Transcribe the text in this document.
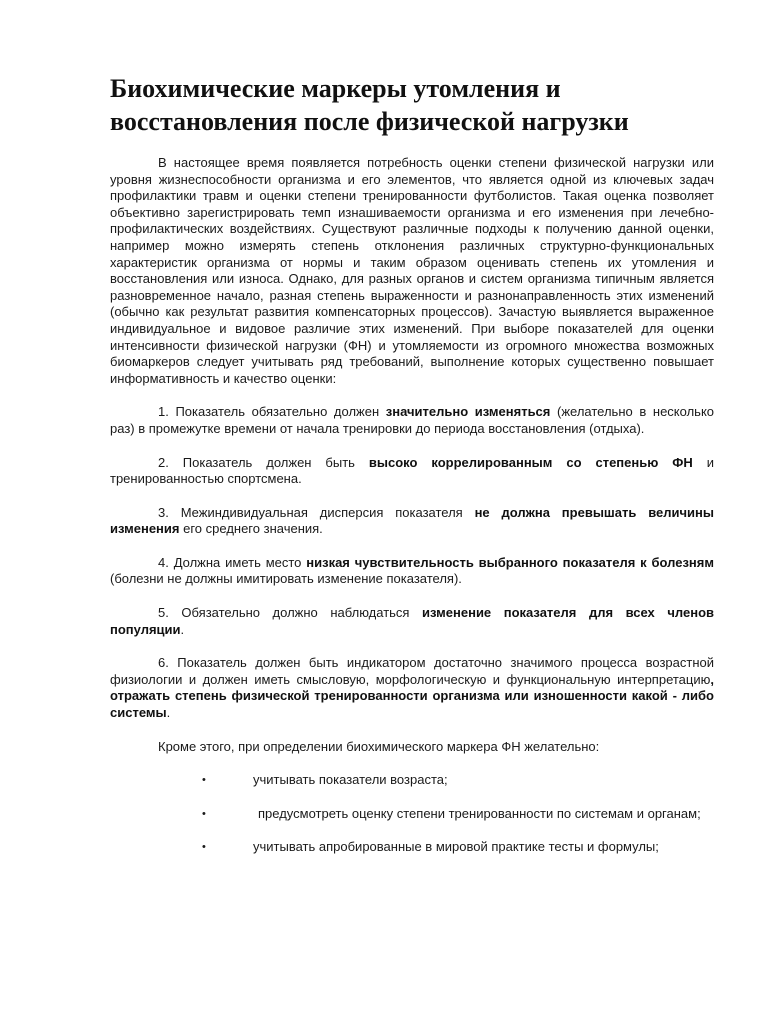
Биохимические маркеры утомления и восстановления после физической нагрузки

В настоящее время появляется потребность оценки степени физической нагрузки или уровня жизнеспособности организма и его элементов, что является одной из ключевых задач профилактики травм и оценки степени тренированности футболистов. Такая оценка позволяет объективно зарегистрировать темп изнашиваемости организма и его изменения при лечебно-профилактических воздействиях. Существуют различные подходы к получению данной оценки, например можно измерять степень отклонения различных структурно-функциональных характеристик организма от нормы и таким образом оценивать степень их утомления и восстановления или износа. Однако, для разных органов и систем организма типичным является разновременное начало, разная степень выраженности и разнонаправленность этих изменений (обычно как результат развития компенсаторных процессов). Зачастую выявляется выраженное индивидуальное и видовое различие этих изменений. При выборе показателей для оценки интенсивности физической нагрузки (ФН) и утомляемости из огромного множества возможных биомаркеров следует учитывать ряд требований, выполнение которых существенно повышает информативность и качество оценки:

1. Показатель обязательно должен значительно изменяться (желательно в несколько раз) в промежутке времени от начала тренировки до периода восстановления (отдыха).

2. Показатель должен быть высоко коррелированным со степенью ФН и тренированностью спортсмена.

3. Межиндивидуальная дисперсия показателя не должна превышать величины изменения его среднего значения.

4. Должна иметь место низкая чувствительность выбранного показателя к болезням (болезни не должны имитировать изменение показателя).

5. Обязательно должно наблюдаться изменение показателя для всех членов популяции.

6. Показатель должен быть индикатором достаточно значимого процесса возрастной физиологии и должен иметь смысловую, морфологическую и функциональную интерпретацию, отражать степень физической тренированности организма или изношенности какой - либо системы.

Кроме этого, при определении биохимического маркера ФН желательно:

•	учитывать показатели возраста;
•	предусмотреть оценку степени тренированности по системам и органам;
•	учитывать апробированные в мировой практике тесты и формулы;
